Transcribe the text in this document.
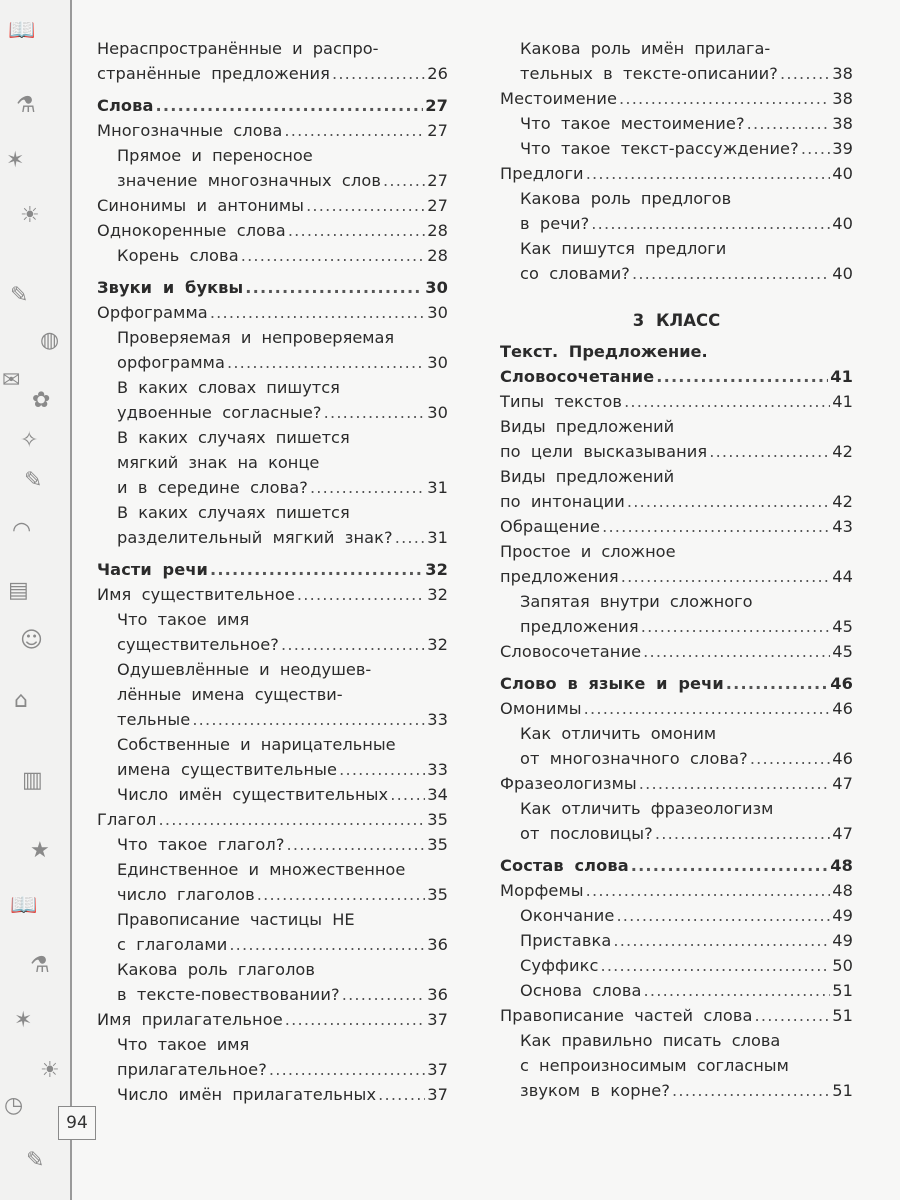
📖
⚗
✶
☀
✎
◍
✉
✿
✧
✎
◠
▤
☺
⌂
▥
★
📖
⚗
✶
☀
◷
✎
94
Нераспространённые и распро-
странённые предложения .....	26
Слова .....	27
Многозначные слова .....	27
Прямое и переносное
значение многозначных слов .....	27
Синонимы и антонимы .....	27
Однокоренные слова .....	28
Корень слова .....	28
Звуки и буквы .....	30
Орфограмма .....	30
Проверяемая и непроверяемая
орфограмма .....	30
В каких словах пишутся
удвоенные согласные? .....	30
В каких случаях пишется
мягкий знак на конце
и в середине слова? .....	31
В каких случаях пишется
разделительный мягкий знак? ..... 31
Части речи .....	32
Имя существительное .....	32
Что такое имя
существительное? .....	32
Одушевлённые и неодушев-
лённые имена существи-
тельные .....	33
Собственные и нарицательные
имена существительные .....	33
Число имён существительных ..... 34
Глагол .....	35
Что такое глагол? .....	35
Единственное и множественное
число глаголов .....	35
Правописание частицы НЕ
с глаголами .....	36
Какова роль глаголов
в тексте-повествовании? .....	36
Имя прилагательное .....	37
Что такое имя
прилагательное? .....	37
Число имён прилагательных .....	37
Какова роль имён прилага-
тельных в тексте-описании? .....	38
Местоимение .....	38
Что такое местоимение? .....	38
Что такое текст-рассуждение? ..... 39
Предлоги .....	40
Какова роль предлогов
в речи? .....	40
Как пишутся предлоги
со словами? .....	40
3 КЛАСС
Текст. Предложение.
Словосочетание .....	41
Типы текстов .....	41
Виды предложений
по цели высказывания .....	42
Виды предложений
по интонации .....	42
Обращение .....	43
Простое и сложное
предложения .....	44
Запятая внутри сложного
предложения .....	45
Словосочетание .....	45
Слово в языке и речи .....	46
Омонимы .....	46
Как отличить омоним
от многозначного слова? .....	46
Фразеологизмы .....	47
Как отличить фразеологизм
от пословицы? .....	47
Состав слова .....	48
Морфемы .....	48
Окончание .....	49
Приставка .....	49
Суффикс .....	50
Основа слова .....	51
Правописание частей слова .....	51
Как правильно писать слова
с непроизносимым согласным
звуком в корне? .....	51
